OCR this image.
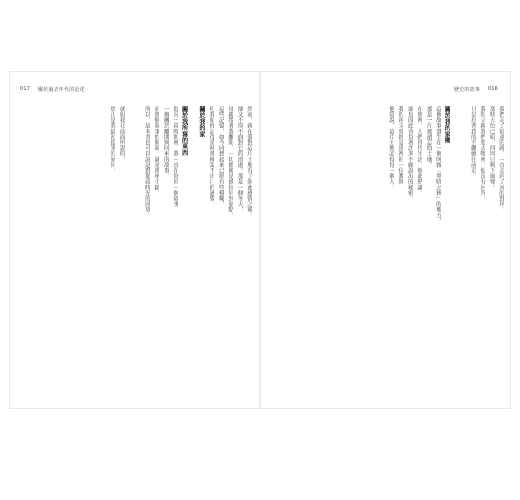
017 關於過去年代的記述
然而，就在我對這片土地有了如此感情之後，
卻又不得不面對它的消逝。那是一個冬天，
母親帶著我離開，一切都像是被拉回到原點。
這些記憶，如今回想起來已經有些模糊，
但我始終記得當時那種說不出口的感覺。
關於我的家
關於我所寫的東西
很長一段時間裡，我一直在寫同一個故事，
一個關於離開與回來的故事。
而那個故事的開端，就是那座小鎮。
所以，這本書也可以說是對那段時光的回望。
就如我在前面所說的，
那正是我最初提筆的原因。
歷史的故事 016
我們走了很遠的路，一直走到了河的對岸。
那時天色已暗，四周只剩下風聲。
我問父親我們要去哪裡，他沒有回答，
只是拉著我的手繼續往前走。
關於我的家鄉
這個故事發生在一個叫做「黑暗之林」的地方，
那是一片被遺忘的土地。
在那裡，人們世代生活，彼此熟識，
卻也因此背負著許多不願說出的秘密。
我的祖父曾經是那裡的一位教師，
他常說，這片土地記得每一個人。
